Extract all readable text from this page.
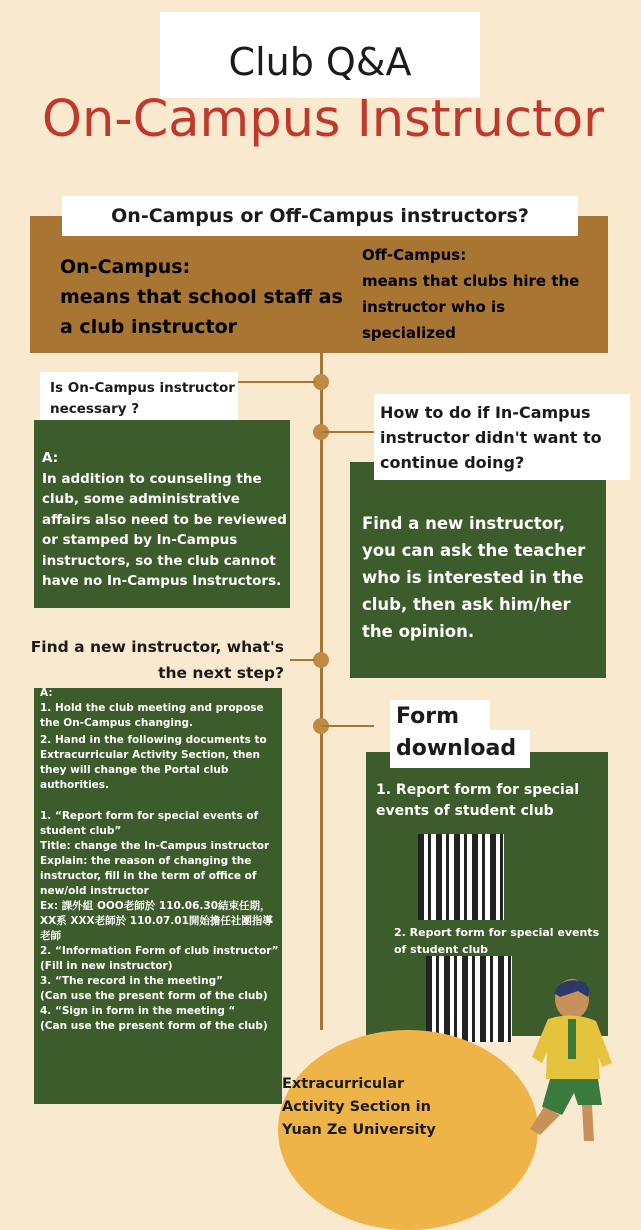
Club Q&A
On-Campus Instructor
On-Campus or Off-Campus instructors?
On-Campus:
means that school staff as a club instructor
Off-Campus:
means that clubs hire the instructor who is specialized
Is On-Campus instructor necessary ?
A:
In addition to counseling the club, some administrative affairs also need to be reviewed or stamped by In-Campus instructors, so the club cannot have no In-Campus Instructors.
How to do if In-Campus instructor didn't want to continue doing?
Find a new instructor, you can ask the teacher who is interested in the club, then ask him/her the opinion.
Find a new instructor, what's the next step?
A:
1. Hold the club meeting and propose the On-Campus changing.
2. Hand in the following documents to Extracurricular Activity Section, then they will change the Portal club authorities.
1. “Report form for special events of student club”
Title: change the In-Campus instructor
Explain: the reason of changing the instructor, fill in the term of office of new/old instructor
Ex: 課外組 OOO老師於 110.06.30結束任期，XX系 XXX老師於 110.07.01開始擔任社團指導老師
2. “Information Form of club instructor”
(Fill in new instructor)
3. “The record in the meeting”
(Can use the present form of the club)
4. “Sign in form in the meeting “
(Can use the present form of the club)
Form
download
1. Report form for special events of student club
2. Report form for special events of student club
Extracurricular
Activity Section in
Yuan Ze University
